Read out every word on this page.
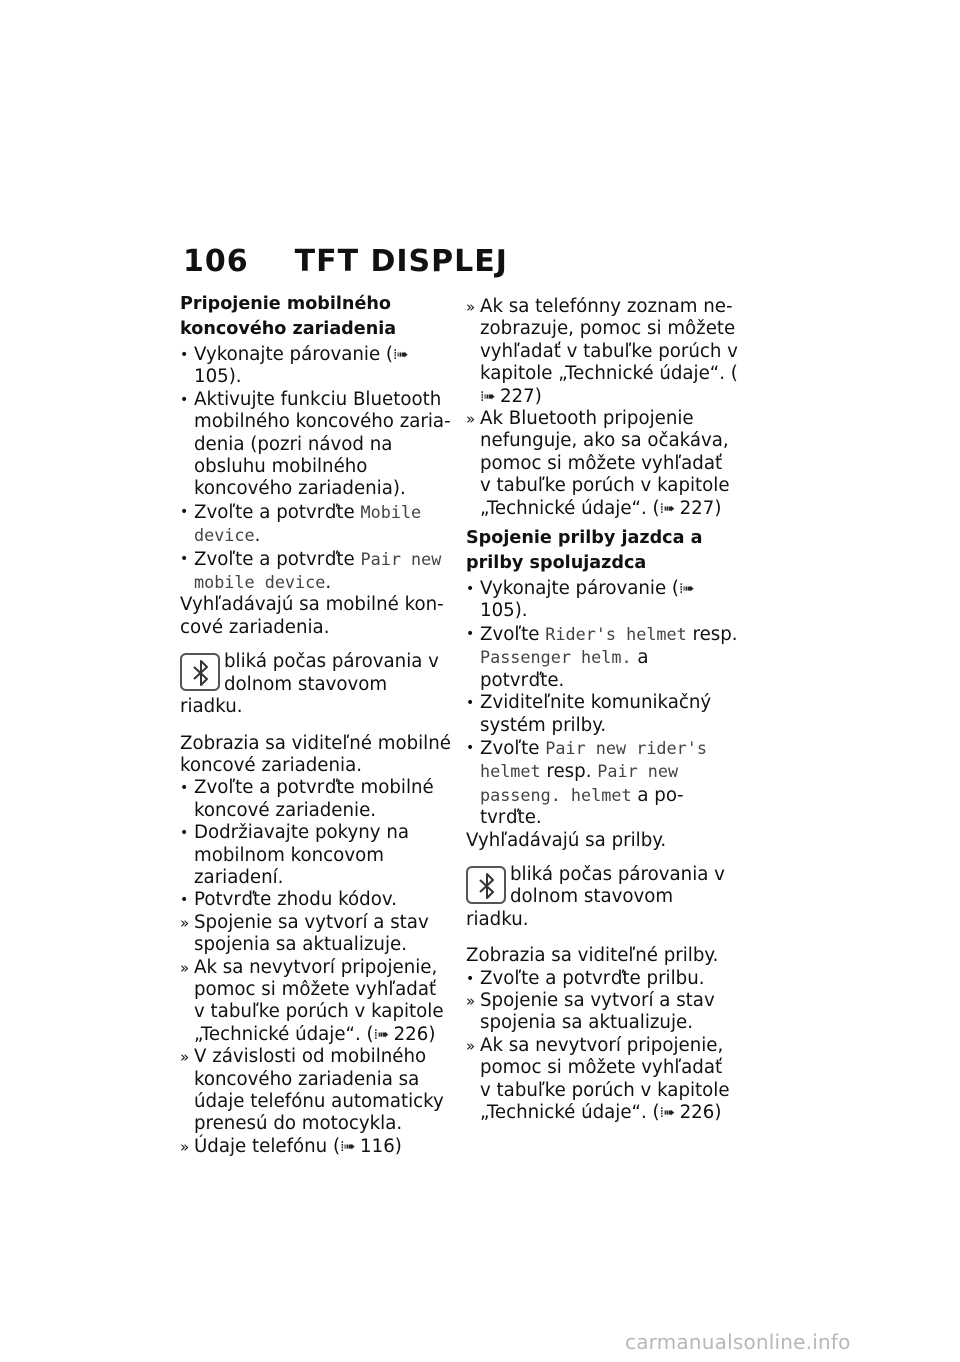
106 TFT DISPLEJ

Pripojenie mobilného koncového zariadenia

• Vykonajte párovanie (⁞➠ 105).

• Aktivujte funkciu Bluetooth mobilného koncového zariadenia (pozri návod na obsluhu mobilného koncového zariadenia).

• Zvoľte a potvrďte Mobile device.

• Zvoľte a potvrďte Pair new mobile device.

Vyhľadávajú sa mobilné koncové zariadenia.

bliká počas párovania v dolnom stavovom riadku.

Zobrazia sa viditeľné mobilné koncové zariadenia.

• Zvoľte a potvrďte mobilné koncové zariadenie.

• Dodržiavajte pokyny na mobilnom koncovom zariadení.

• Potvrďte zhodu kódov.

» Spojenie sa vytvorí a stav spojenia sa aktualizuje.

» Ak sa nevytvorí pripojenie, pomoc si môžete vyhľadať v tabuľke porúch v kapitole „Technické údaje“. (⁞➠ 226)

» V závislosti od mobilného koncového zariadenia sa údaje telefónu automaticky prenesú do motocykla.

» Údaje telefónu (⁞➠ 116)

» Ak sa telefónny zoznam nezobrazuje, pomoc si môžete vyhľadať v tabuľke porúch v kapitole „Technické údaje“. (⁞➠ 227)

» Ak Bluetooth pripojenie nefunguje, ako sa očakáva, pomoc si môžete vyhľadať v tabuľke porúch v kapitole „Technické údaje“. (⁞➠ 227)

Spojenie prilby jazdca a prilby spolujazdca

• Vykonajte párovanie (⁞➠ 105).

• Zvoľte Rider's helmet resp. Passenger helm. a potvrďte.

• Zviditeľnite komunikačný systém prilby.

• Zvoľte Pair new rider's helmet resp. Pair new passeng. helmet a potvrďte.

Vyhľadávajú sa prilby.

bliká počas párovania v dolnom stavovom riadku.

Zobrazia sa viditeľné prilby.

• Zvoľte a potvrďte prilbu.

» Spojenie sa vytvorí a stav spojenia sa aktualizuje.

» Ak sa nevytvorí pripojenie, pomoc si môžete vyhľadať v tabuľke porúch v kapitole „Technické údaje“. (⁞➠ 226)

carmanualsonline.info
